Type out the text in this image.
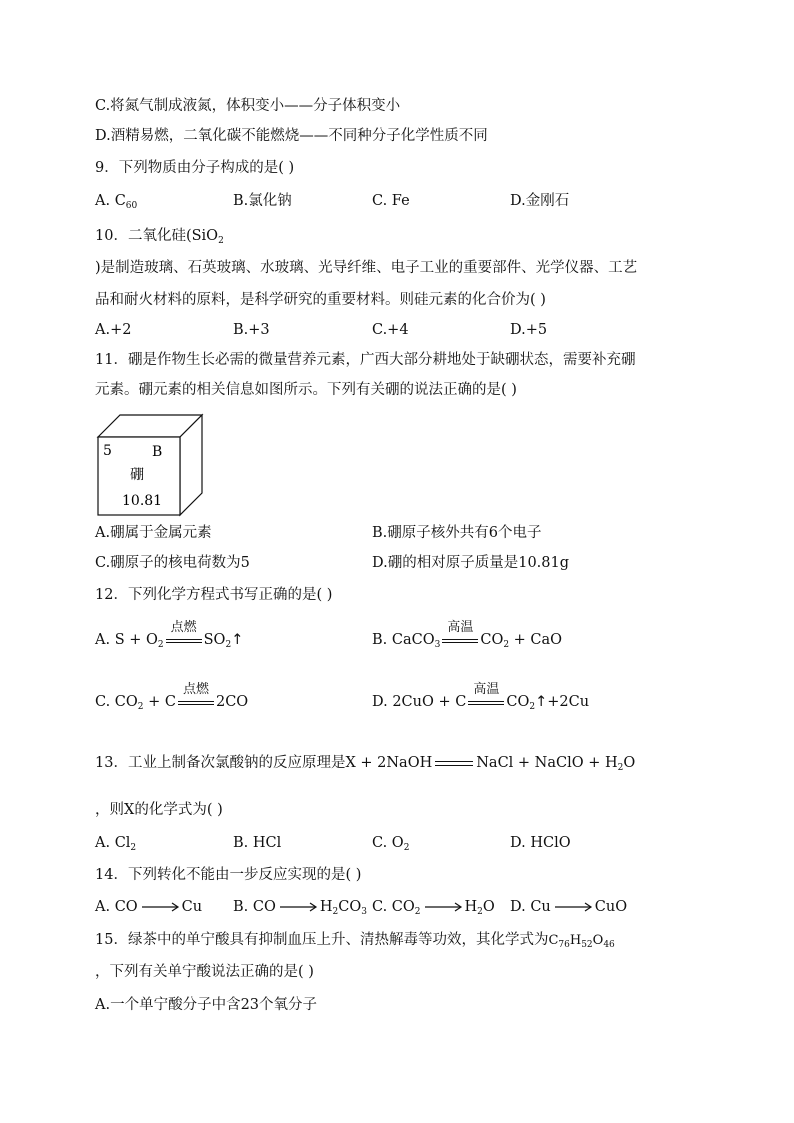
C.将氮气制成液氮，体积变小——分子体积变小
D.酒精易燃，二氧化碳不能燃烧——不同种分子化学性质不同
9．下列物质由分子构成的是( )
A. $C_{60}$	B.氯化钠	C. Fe	D.金刚石
10．二氧化硅(SiO$_2$
)是制造玻璃、石英玻璃、水玻璃、光导纤维、电子工业的重要部件、光学仪器、工艺
品和耐火材料的原料，是科学研究的重要材料。则硅元素的化合价为( )
A.+2	B.+3	C.+4	D.+5
11．硼是作物生长必需的微量营养元素，广西大部分耕地处于缺硼状态，需要补充硼
元素。硼元素的相关信息如图所示。下列有关硼的说法正确的是( )
5	B
硼
10.81
A.硼属于金属元素	B.硼原子核外共有6个电子
C.硼原子的核电荷数为5	D.硼的相对原子质量是10.81g
12．下列化学方程式书写正确的是( )
A. $S + O_2$
点燃
$SO_2↑$	B. CaCO$_3$
高温
$CO_2$ + CaO
C. $CO_2 + C$
点燃
2CO	D. 2CuO + C
高温
$CO_2↑+2Cu$
13．工业上制备次氯酸钠的反应原理是X + 2NaOH	NaCl + NaClO + $H_2O$
，则X的化学式为( )
A. $Cl_2$	B. HCl	C. $O_2$	D. HClO
14．下列转化不能由一步反应实现的是( )
A. CO	Cu B. CO	$H_2CO_3$ C. $CO_2$	$H_2O$ D. Cu	CuO
15．绿茶中的单宁酸具有抑制血压上升、清热解毒等功效，其化学式为$C_{76}H_{52}O_{46}$
，下列有关单宁酸说法正确的是( )
A.一个单宁酸分子中含23个氧分子
